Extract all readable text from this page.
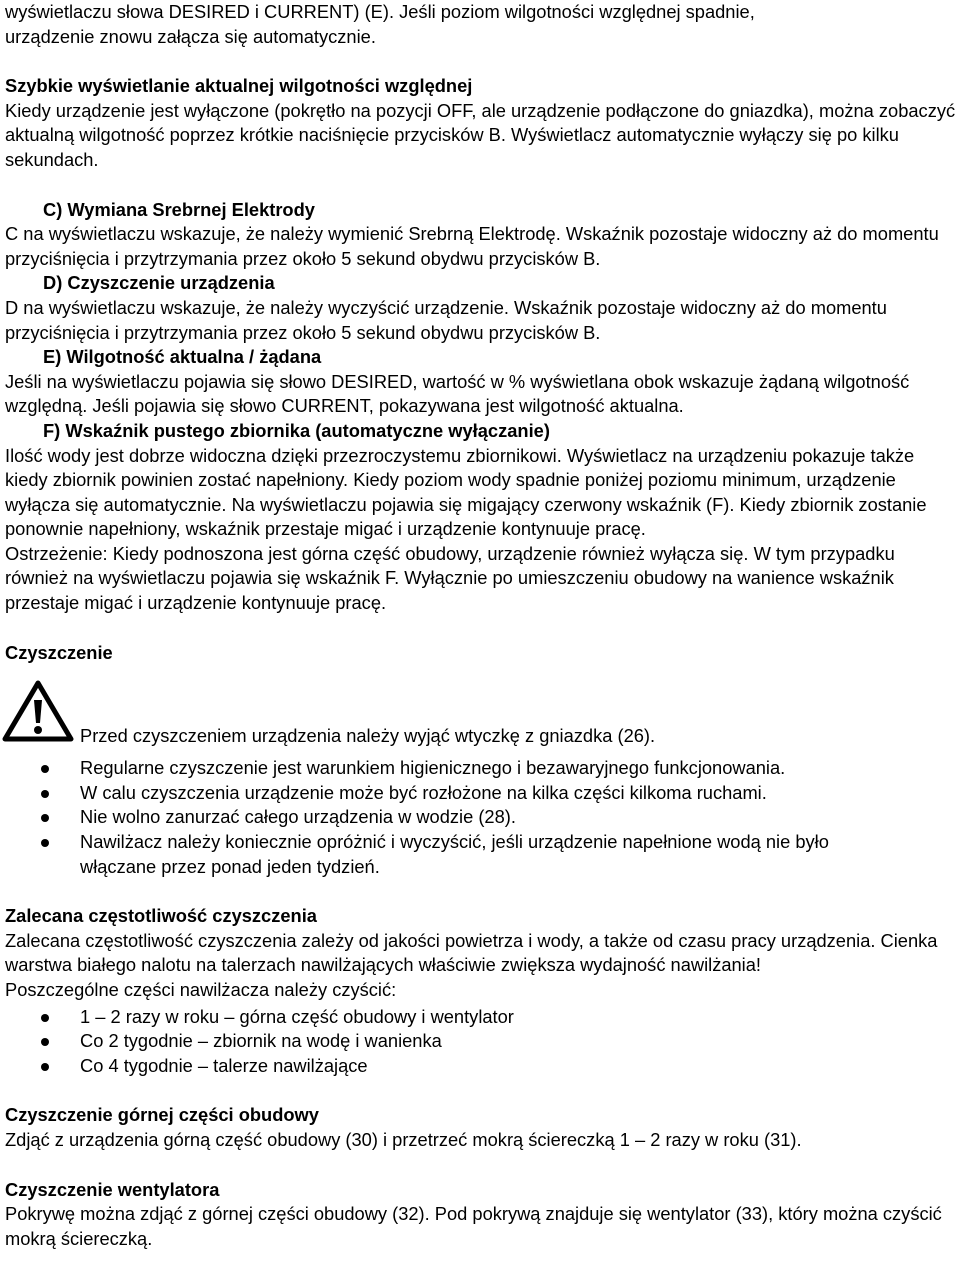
wyświetlaczu słowa DESIRED i CURRENT) (E). Jeśli poziom wilgotności względnej spadnie,

urządzenie znowu załącza się automatycznie.

Szybkie wyświetlanie aktualnej wilgotności względnej

Kiedy urządzenie jest wyłączone (pokrętło na pozycji OFF, ale urządzenie podłączone do gniazdka), można zobaczyć aktualną wilgotność poprzez krótkie naciśnięcie przycisków B. Wyświetlacz automatycznie wyłączy się po kilku sekundach.

C) Wymiana Srebrnej Elektrody

C na wyświetlaczu wskazuje, że należy wymienić Srebrną Elektrodę. Wskaźnik pozostaje widoczny aż do momentu przyciśnięcia i przytrzymania przez około 5 sekund obydwu przycisków B.

D) Czyszczenie urządzenia

D na wyświetlaczu wskazuje, że należy wyczyścić urządzenie. Wskaźnik pozostaje widoczny aż do momentu przyciśnięcia i przytrzymania przez około 5 sekund obydwu przycisków B.

E) Wilgotność aktualna / żądana

Jeśli na wyświetlaczu pojawia się słowo DESIRED, wartość w % wyświetlana obok wskazuje żądaną wilgotność względną. Jeśli pojawia się słowo CURRENT, pokazywana jest wilgotność aktualna.

F) Wskaźnik pustego zbiornika (automatyczne wyłączanie)

Ilość wody jest dobrze widoczna dzięki przezroczystemu zbiornikowi. Wyświetlacz na urządzeniu pokazuje także kiedy zbiornik powinien zostać napełniony. Kiedy poziom wody spadnie poniżej poziomu minimum, urządzenie wyłącza się automatycznie. Na wyświetlaczu pojawia się migający czerwony wskaźnik (F). Kiedy zbiornik zostanie ponownie napełniony, wskaźnik przestaje migać i urządzenie kontynuuje pracę.

Ostrzeżenie: Kiedy podnoszona jest górna część obudowy, urządzenie również wyłącza się. W tym przypadku również na wyświetlaczu pojawia się wskaźnik F. Wyłącznie po umieszczeniu obudowy na wanience wskaźnik przestaje migać i urządzenie kontynuuje pracę.

Czyszczenie

Przed czyszczeniem urządzenia należy wyjąć wtyczkę z gniazdka (26).
Regularne czyszczenie jest warunkiem higienicznego i bezawaryjnego funkcjonowania.
W calu czyszczenia urządzenie może być rozłożone na kilka części kilkoma ruchami.
Nie wolno zanurzać całego urządzenia w wodzie (28).
Nawilżacz należy koniecznie opróżnić i wyczyścić, jeśli urządzenie napełnione wodą nie było włączane przez ponad jeden tydzień.

Zalecana częstotliwość czyszczenia

Zalecana częstotliwość czyszczenia zależy od jakości powietrza i wody, a także od czasu pracy urządzenia. Cienka warstwa białego nalotu na talerzach nawilżających właściwie zwiększa wydajność nawilżania!

Poszczególne części nawilżacza należy czyścić:

1 – 2 razy w roku – górna część obudowy i wentylator
Co 2 tygodnie – zbiornik na wodę i wanienka
Co 4 tygodnie – talerze nawilżające

Czyszczenie górnej części obudowy

Zdjąć z urządzenia górną część obudowy (30) i przetrzeć mokrą ściereczką 1 – 2 razy w roku (31).

Czyszczenie wentylatora

Pokrywę można zdjąć z górnej części obudowy (32). Pod pokrywą znajduje się wentylator (33), który można czyścić mokrą ściereczką.
